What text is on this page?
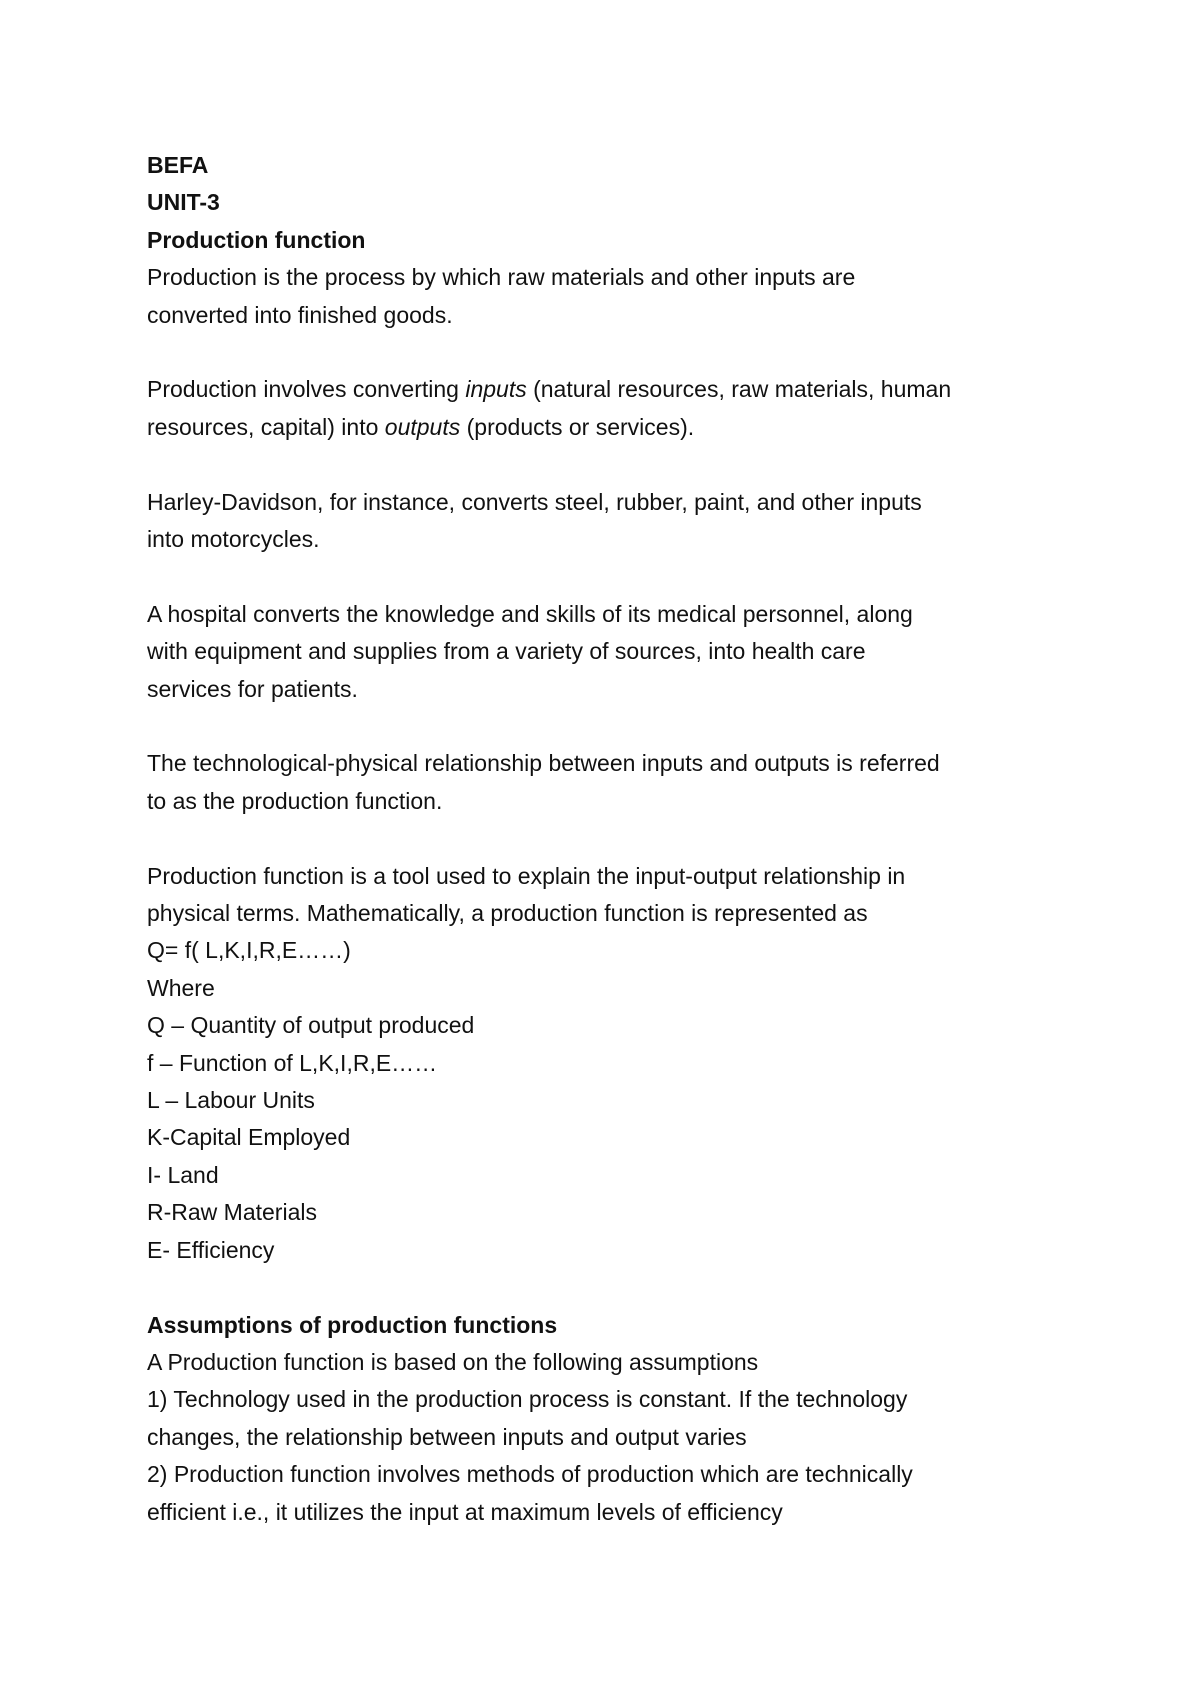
BEFA

UNIT-3

Production function

Production is the process by which raw materials and other inputs are

converted into finished goods.

Production involves converting inputs (natural resources, raw materials, human

resources, capital) into outputs (products or services).

Harley-Davidson, for instance, converts steel, rubber, paint, and other inputs

into motorcycles.

A hospital converts the knowledge and skills of its medical personnel, along

with equipment and supplies from a variety of sources, into health care

services for patients.

The technological-physical relationship between inputs and outputs is referred

to as the production function.

Production function is a tool used to explain the input-output relationship in

physical terms. Mathematically, a production function is represented as

Q= f( L,K,I,R,E……)

Where

Q – Quantity of output produced

f – Function of L,K,I,R,E……

L – Labour Units

K-Capital Employed

I- Land

R-Raw Materials

E- Efficiency

Assumptions of production functions

A Production function is based on the following assumptions

1) Technology used in the production process is constant. If the technology

changes, the relationship between inputs and output varies

2) Production function involves methods of production which are technically

efficient i.e., it utilizes the input at maximum levels of efficiency
